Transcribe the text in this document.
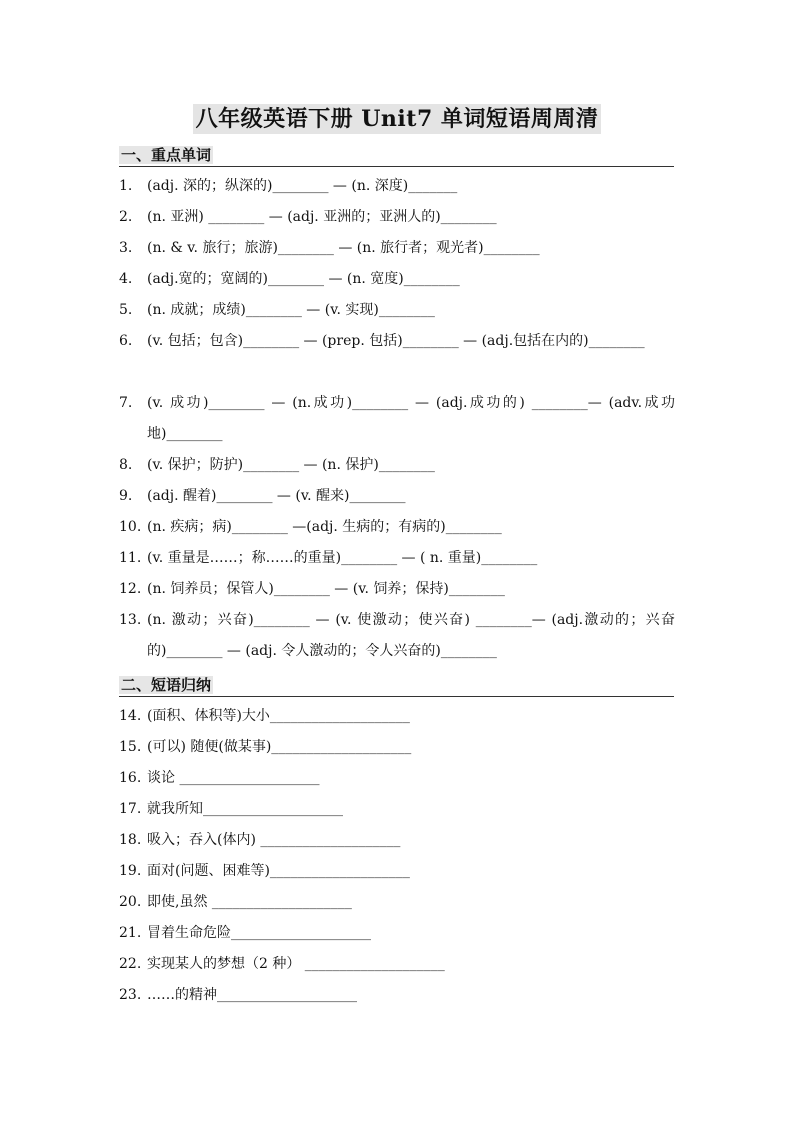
八年级英语下册 Unit7 单词短语周周清
一、重点单词
1. (adj. 深的；纵深的)________ — (n. 深度)_______
2. (n. 亚洲) ________ — (adj. 亚洲的；亚洲人的)________
3. (n. & v. 旅行；旅游)________ — (n. 旅行者；观光者)________
4. (adj.宽的；宽阔的)________ — (n. 宽度)________
5. (n. 成就；成绩)________ — (v. 实现)________
6.	(v. 包括；包含)________ — (prep. 包括)________ — (adj.包括在内的)________
7.	(v. 成功)________ — (n.成功)________ — (adj.成功的) ________— (adv.成功地)________
8. (v. 保护；防护)________ — (n. 保护)________
9. (adj. 醒着)________ — (v. 醒来)________
10. (n. 疾病；病)________ —(adj. 生病的；有病的)________
11. (v. 重量是……；称……的重量)________ — ( n. 重量)________
12. (n. 饲养员；保管人)________ — (v. 饲养；保持)________
13. (n. 激动；兴奋)________ — (v. 使激动；使兴奋) ________— (adj.激动的；兴奋的)________ — (adj. 令人激动的；令人兴奋的)________
二、短语归纳
14. (面积、体积等)大小____________________
15. (可以) 随便(做某事)____________________
16. 谈论 ____________________
17. 就我所知____________________
18. 吸入；吞入(体内) ____________________
19. 面对(问题、困难等)____________________
20. 即使,虽然 ____________________
21. 冒着生命危险____________________
22. 实现某人的梦想（2 种） ____________________
23. ……的精神____________________
